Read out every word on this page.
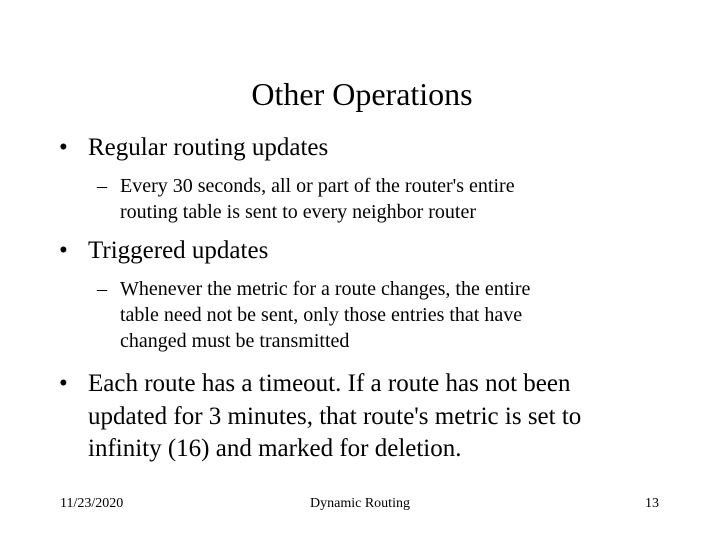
Other Operations
• Regular routing updates
– Every 30 seconds, all or part of the router's entire
routing table is sent to every neighbor router
• Triggered updates
– Whenever the metric for a route changes, the entire
table need not be sent, only those entries that have
changed must be transmitted
• Each route has a timeout. If a route has not been
updated for 3 minutes, that route's metric is set to
infinity (16) and marked for deletion.
11/23/2020	Dynamic Routing	13
